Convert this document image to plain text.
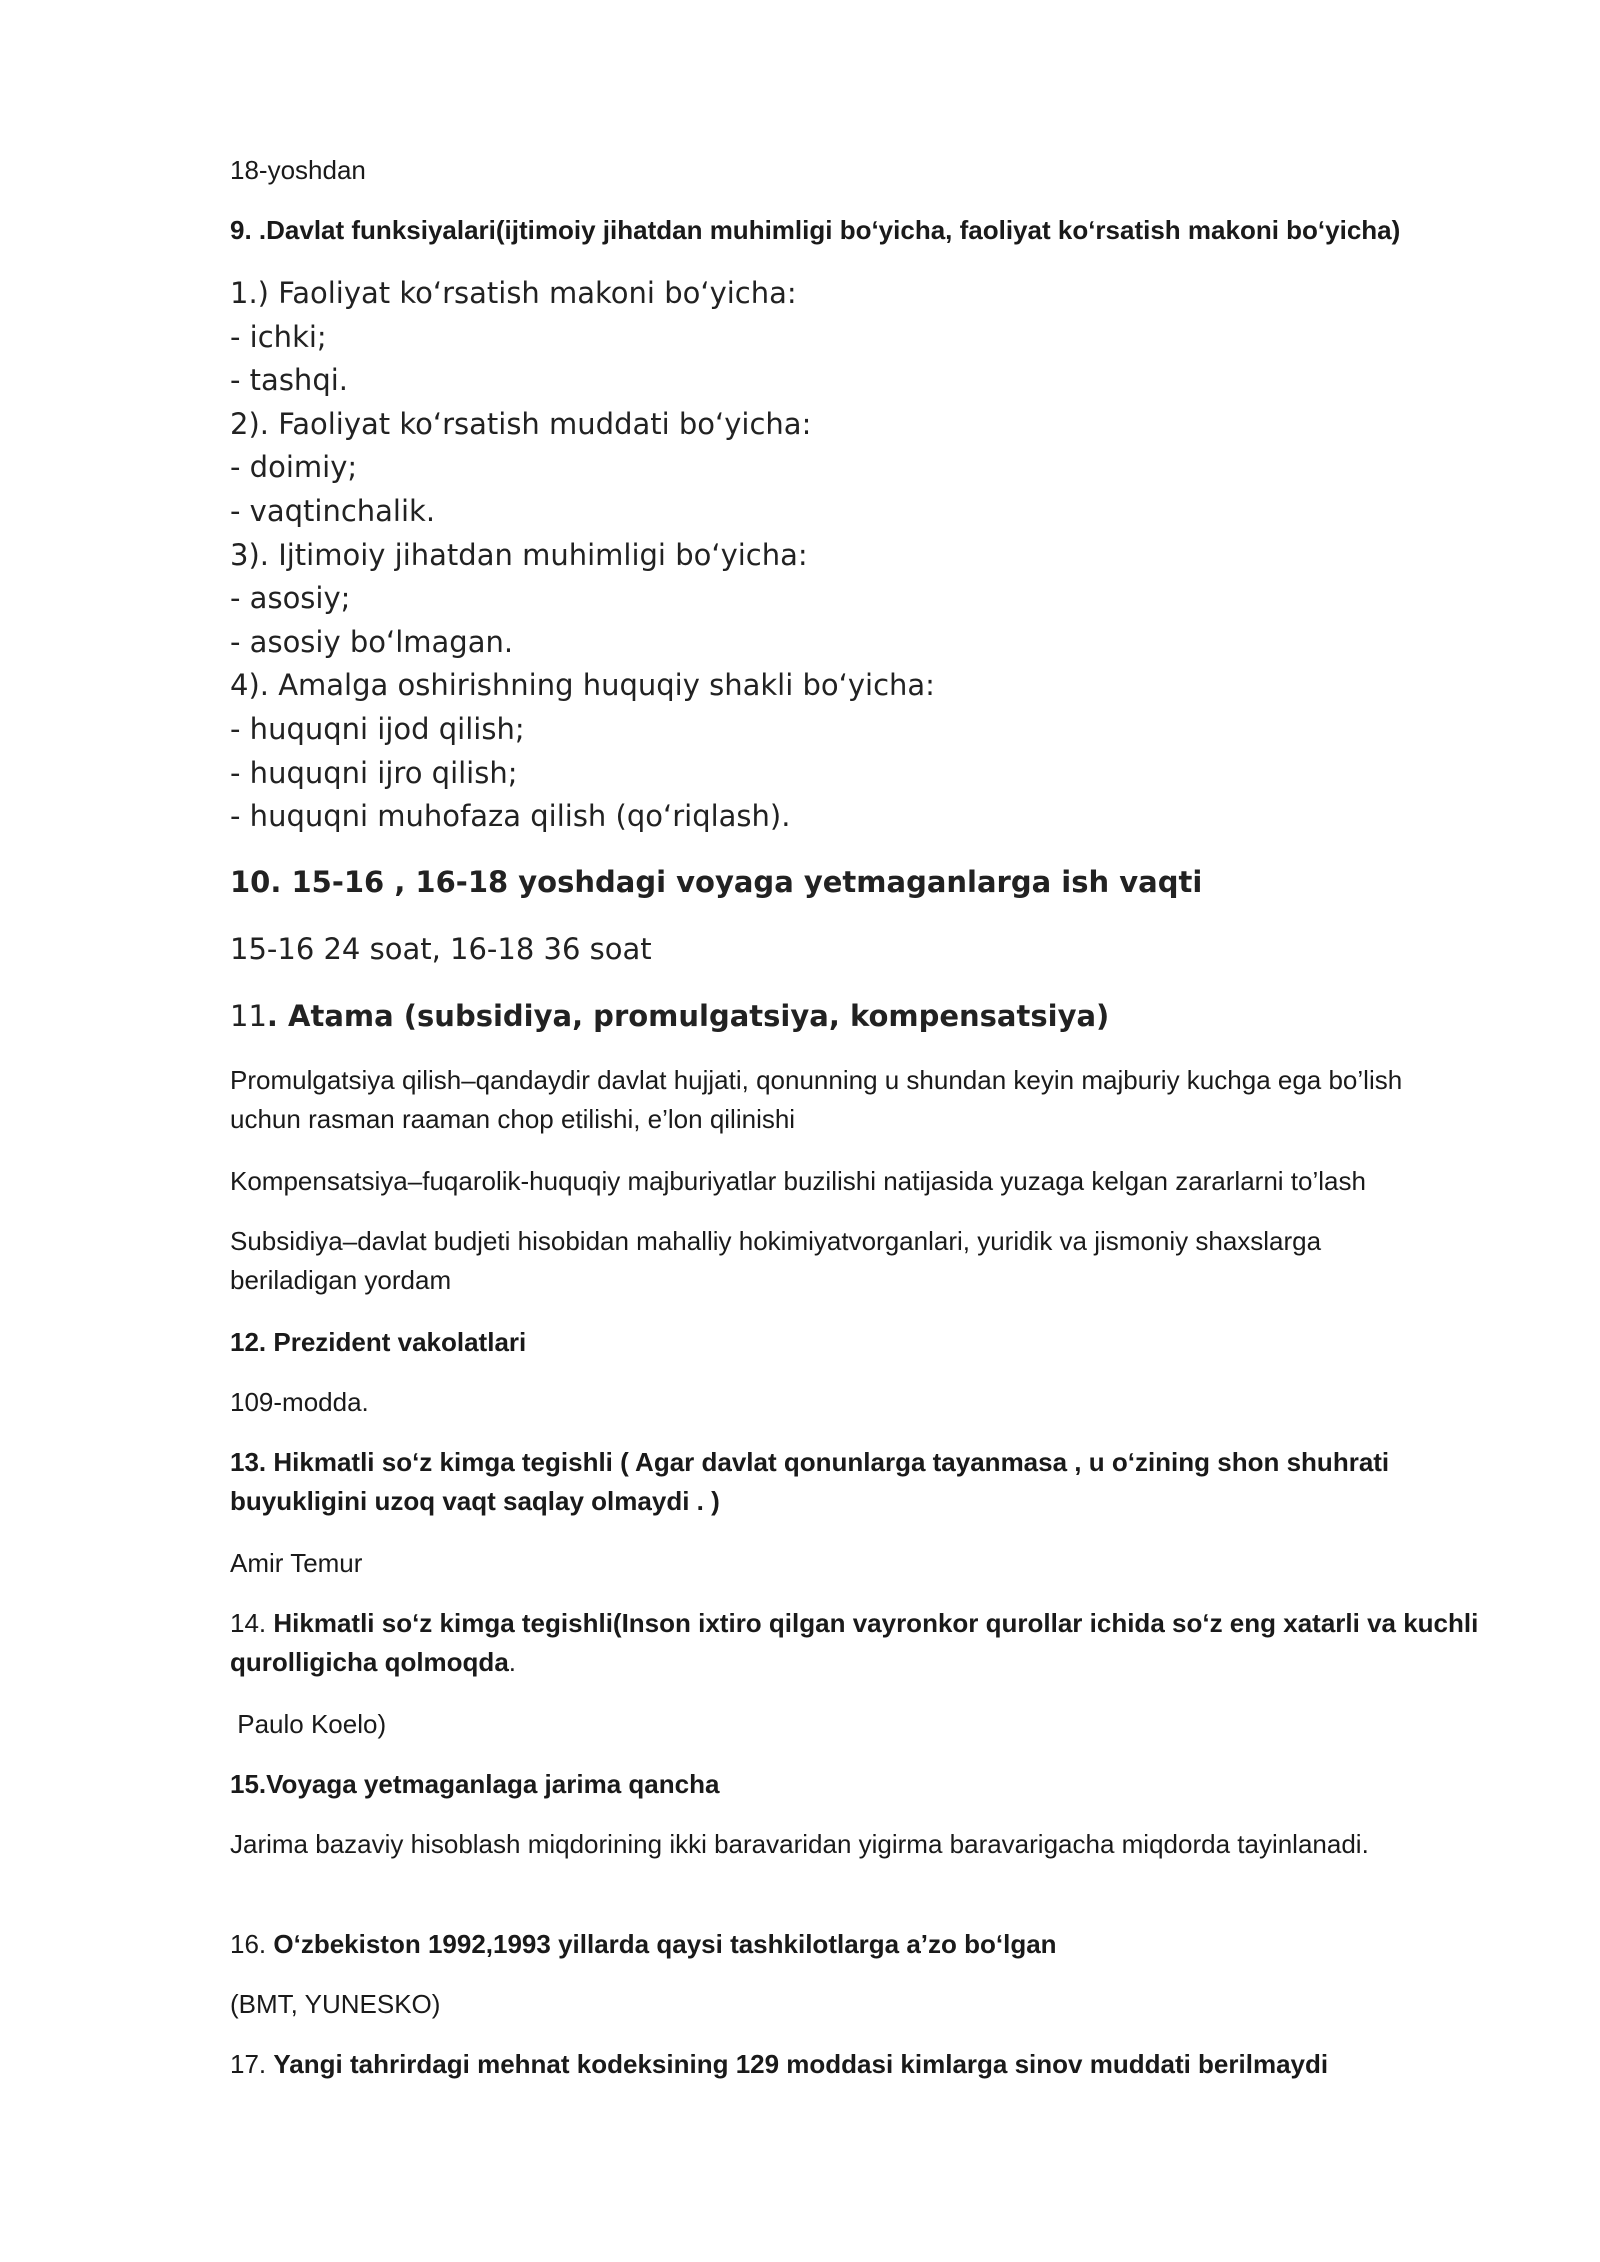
18-yoshdan

9. .Davlat funksiyalari(ijtimoiy jihatdan muhimligi boʻyicha, faoliyat koʻrsatish makoni boʻyicha)

1.) Faoliyat koʻrsatish makoni boʻyicha:
- ichki;
- tashqi.
2). Faoliyat koʻrsatish muddati boʻyicha:
- doimiy;
- vaqtinchalik.
3). Ijtimoiy jihatdan muhimligi boʻyicha:
- asosiy;
- asosiy boʻlmagan.
4). Amalga oshirishning huquqiy shakli boʻyicha:
- huquqni ijod qilish;
- huquqni ijro qilish;
- huquqni muhofaza qilish (qoʻriqlash).

10. 15-16 , 16-18 yoshdagi voyaga yetmaganlarga ish vaqti

15-16 24 soat, 16-18 36 soat

11. Atama (subsidiya, promulgatsiya, kompensatsiya)

Promulgatsiya qilish–qandaydir davlat hujjati, qonunning u shundan keyin majburiy kuchga ega bo’lish

uchun rasman raaman chop etilishi, e’lon qilinishi

Kompensatsiya–fuqarolik-huquqiy majburiyatlar buzilishi natijasida yuzaga kelgan zararlarni to’lash

Subsidiya–davlat budjeti hisobidan mahalliy hokimiyatvorganlari, yuridik va jismoniy shaxslarga

beriladigan yordam

12. Prezident vakolatlari

109-modda.

13. Hikmatli soʻz kimga tegishli ( Agar davlat qonunlarga tayanmasa , u oʻzining shon shuhrati

buyukligini uzoq vaqt saqlay olmaydi . )

Amir Temur

14. Hikmatli soʻz kimga tegishli(Inson ixtiro qilgan vayronkor qurollar ichida soʻz eng xatarli va kuchli

qurolligicha qolmoqda.

Paulo Koelo)

15.Voyaga yetmaganlaga jarima qancha

Jarima bazaviy hisoblash miqdorining ikki baravaridan yigirma baravarigacha miqdorda tayinlanadi.

16. Oʻzbekiston 1992,1993 yillarda qaysi tashkilotlarga a’zo boʻlgan

(BMT, YUNESKO)

17. Yangi tahrirdagi mehnat kodeksining 129 moddasi kimlarga sinov muddati berilmaydi
